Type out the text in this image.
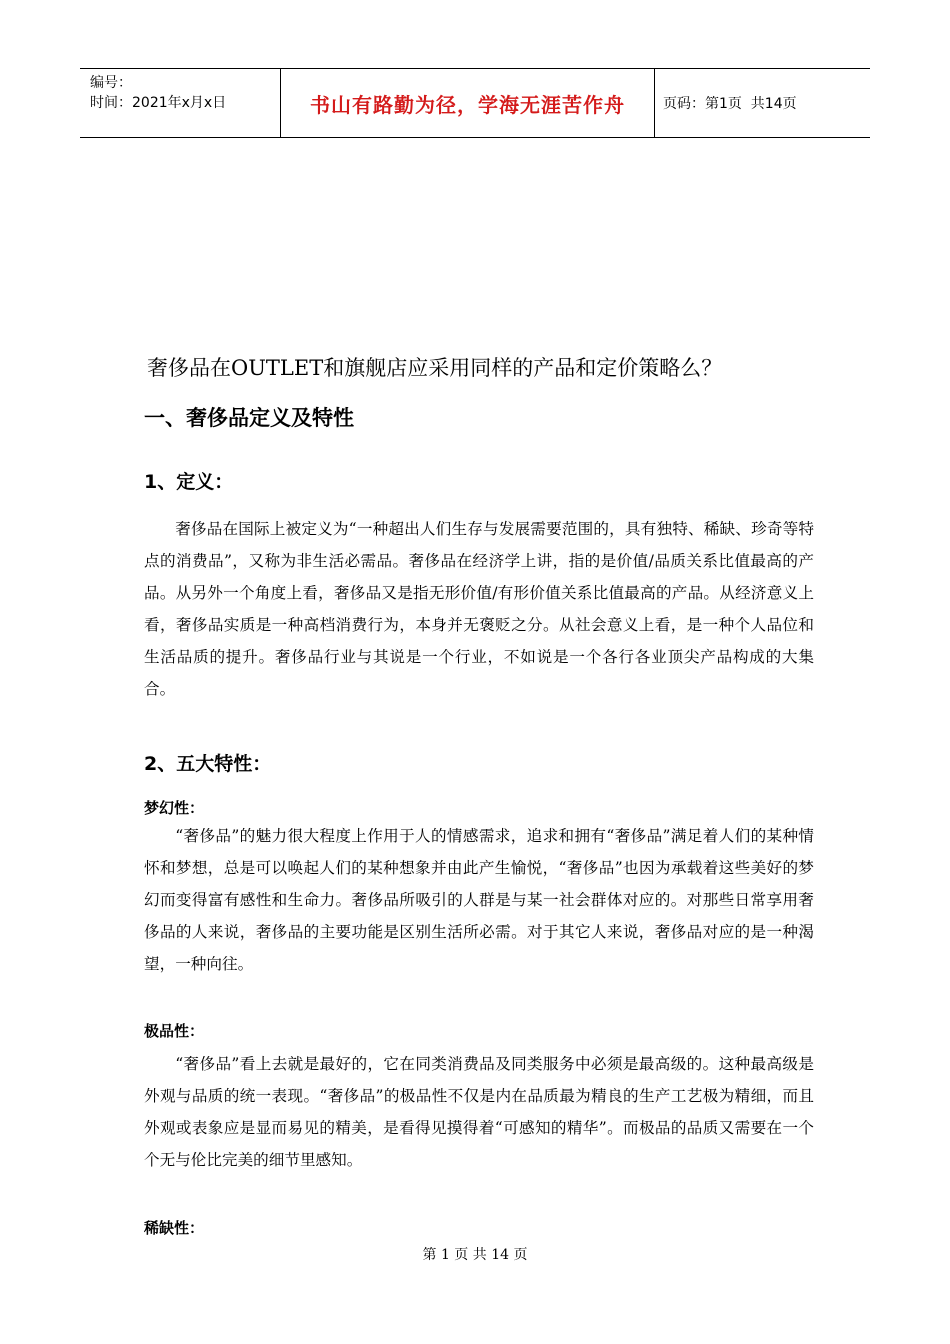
编号：
时间：2021年x月x日	书山有路勤为径，学海无涯苦作舟	页码：第1页  共14页
奢侈品在OUTLET和旗舰店应采用同样的产品和定价策略么？
一、奢侈品定义及特性
1、定义：

奢侈品在国际上被定义为“一种超出人们生存与发展需要范围的，具有独特、稀缺、珍奇等特点的消费品”，又称为非生活必需品。奢侈品在经济学上讲，指的是价值/品质关系比值最高的产品。从另外一个角度上看，奢侈品又是指无形价值/有形价值关系比值最高的产品。从经济意义上看，奢侈品实质是一种高档消费行为，本身并无褒贬之分。从社会意义上看，是一种个人品位和生活品质的提升。奢侈品行业与其说是一个行业，不如说是一个各行各业顶尖产品构成的大集合。

2、五大特性：
梦幻性：

“奢侈品”的魅力很大程度上作用于人的情感需求，追求和拥有“奢侈品”满足着人们的某种情怀和梦想，总是可以唤起人们的某种想象并由此产生愉悦，“奢侈品”也因为承载着这些美好的梦幻而变得富有感性和生命力。奢侈品所吸引的人群是与某一社会群体对应的。对那些日常享用奢侈品的人来说，奢侈品的主要功能是区别生活所必需。对于其它人来说，奢侈品对应的是一种渴望，一种向往。

极品性：

“奢侈品”看上去就是最好的，它在同类消费品及同类服务中必须是最高级的。这种最高级是外观与品质的统一表现。“奢侈品”的极品性不仅是内在品质最为精良的生产工艺极为精细，而且外观或表象应是显而易见的精美，是看得见摸得着“可感知的精华”。而极品的品质又需要在一个个无与伦比完美的细节里感知。

稀缺性：
第 1 页 共 14 页
